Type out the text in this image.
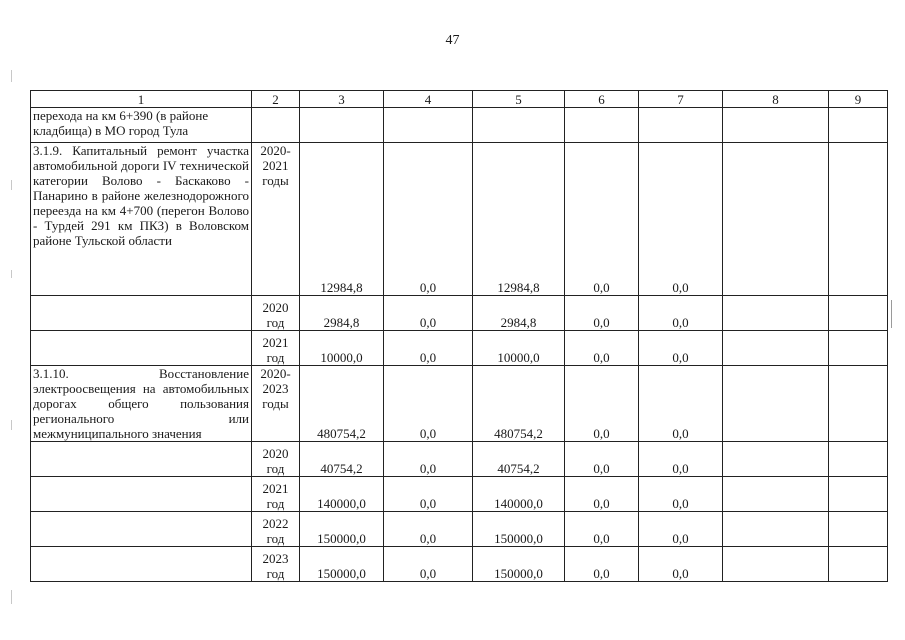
47
1	2	3	4	5	6	7	8	9
перехода на км 6+390 (в районе кладбища) в МО город Тула								
3.1.9. Капитальный ремонт участка автомобильной дороги IV технической категории Волово - Баскаково - Панарино в районе железнодорожного переезда на км 4+700 (перегон Волово - Турдей 291 км ПКЗ) в Воловском районе Тульской области	2020-2021 годы	12984,8	0,0	12984,8	0,0	0,0		
	2020 год	2984,8	0,0	2984,8	0,0	0,0		
	2021 год	10000,0	0,0	10000,0	0,0	0,0		
3.1.10. Восстановление электроосвещения на автомобильных дорогах общего пользования регионального или межмуниципального значения	2020-2023 годы	480754,2	0,0	480754,2	0,0	0,0		
	2020 год	40754,2	0,0	40754,2	0,0	0,0		
	2021 год	140000,0	0,0	140000,0	0,0	0,0		
	2022 год	150000,0	0,0	150000,0	0,0	0,0		
	2023 год	150000,0	0,0	150000,0	0,0	0,0		
